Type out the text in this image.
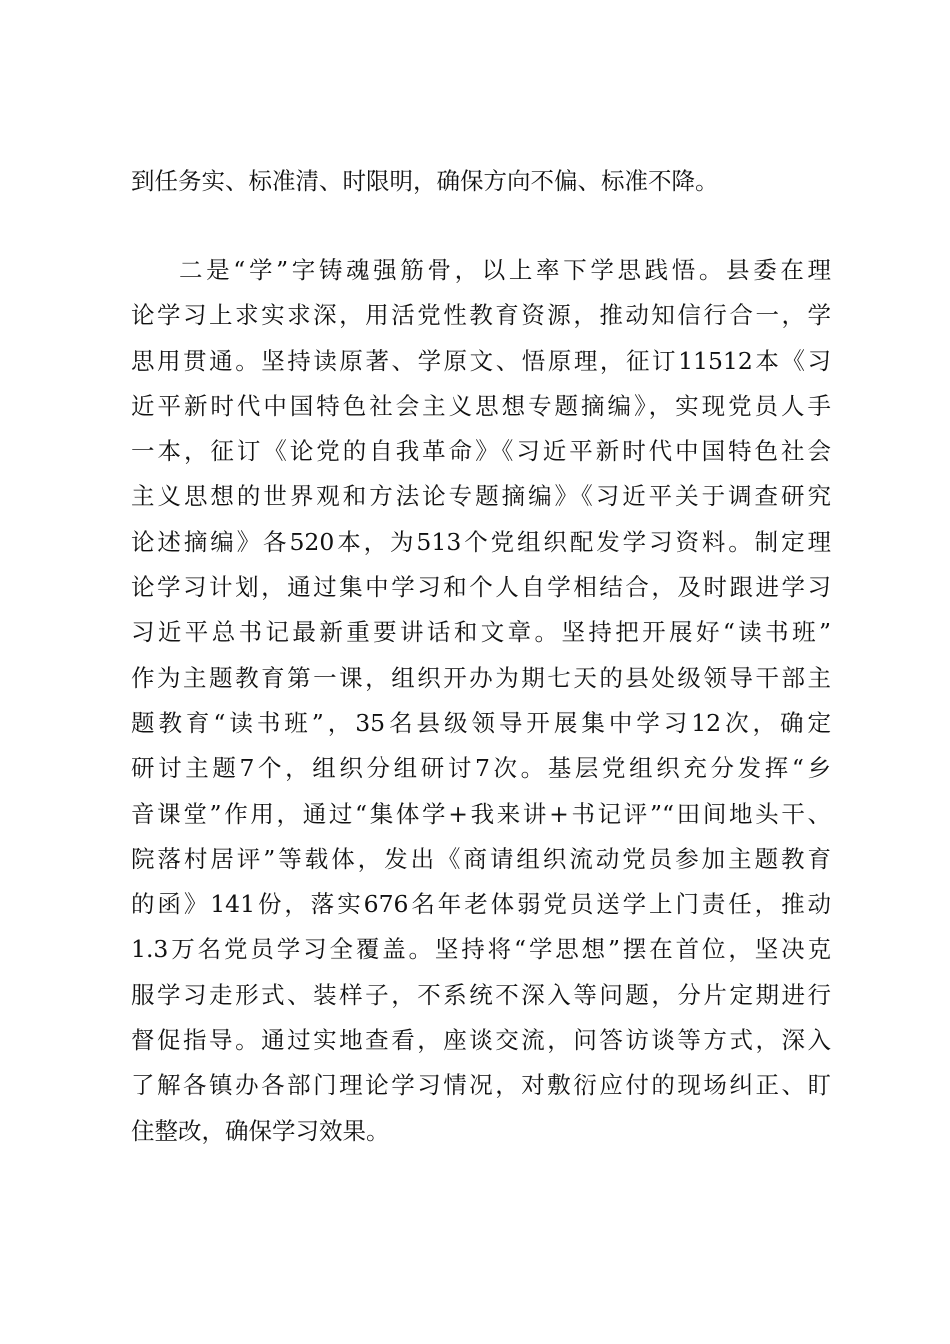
到任务实、标准清、时限明，确保方向不偏、标准不降。
二是“学”字铸魂强筋骨，以上率下学思践悟。县委在理
论学习上求实求深，用活党性教育资源，推动知信行合一，学
思用贯通。坚持读原著、学原文、悟原理，征订11512本《习
近平新时代中国特色社会主义思想专题摘编》，实现党员人手
一本，征订《论党的自我革命》《习近平新时代中国特色社会
主义思想的世界观和方法论专题摘编》《习近平关于调查研究
论述摘编》各520本，为513个党组织配发学习资料。制定理
论学习计划，通过集中学习和个人自学相结合，及时跟进学习
习近平总书记最新重要讲话和文章。坚持把开展好“读书班”
作为主题教育第一课，组织开办为期七天的县处级领导干部主
题教育“读书班”，35名县级领导开展集中学习12次，确定
研讨主题7个，组织分组研讨7次。基层党组织充分发挥“乡
音课堂”作用，通过“集体学+我来讲+书记评”“田间地头干、
院落村居评”等载体，发出《商请组织流动党员参加主题教育
的函》141份，落实676名年老体弱党员送学上门责任，推动
1.3万名党员学习全覆盖。坚持将“学思想”摆在首位，坚决克
服学习走形式、装样子，不系统不深入等问题，分片定期进行
督促指导。通过实地查看，座谈交流，问答访谈等方式，深入
了解各镇办各部门理论学习情况，对敷衍应付的现场纠正、盯
住整改，确保学习效果。
